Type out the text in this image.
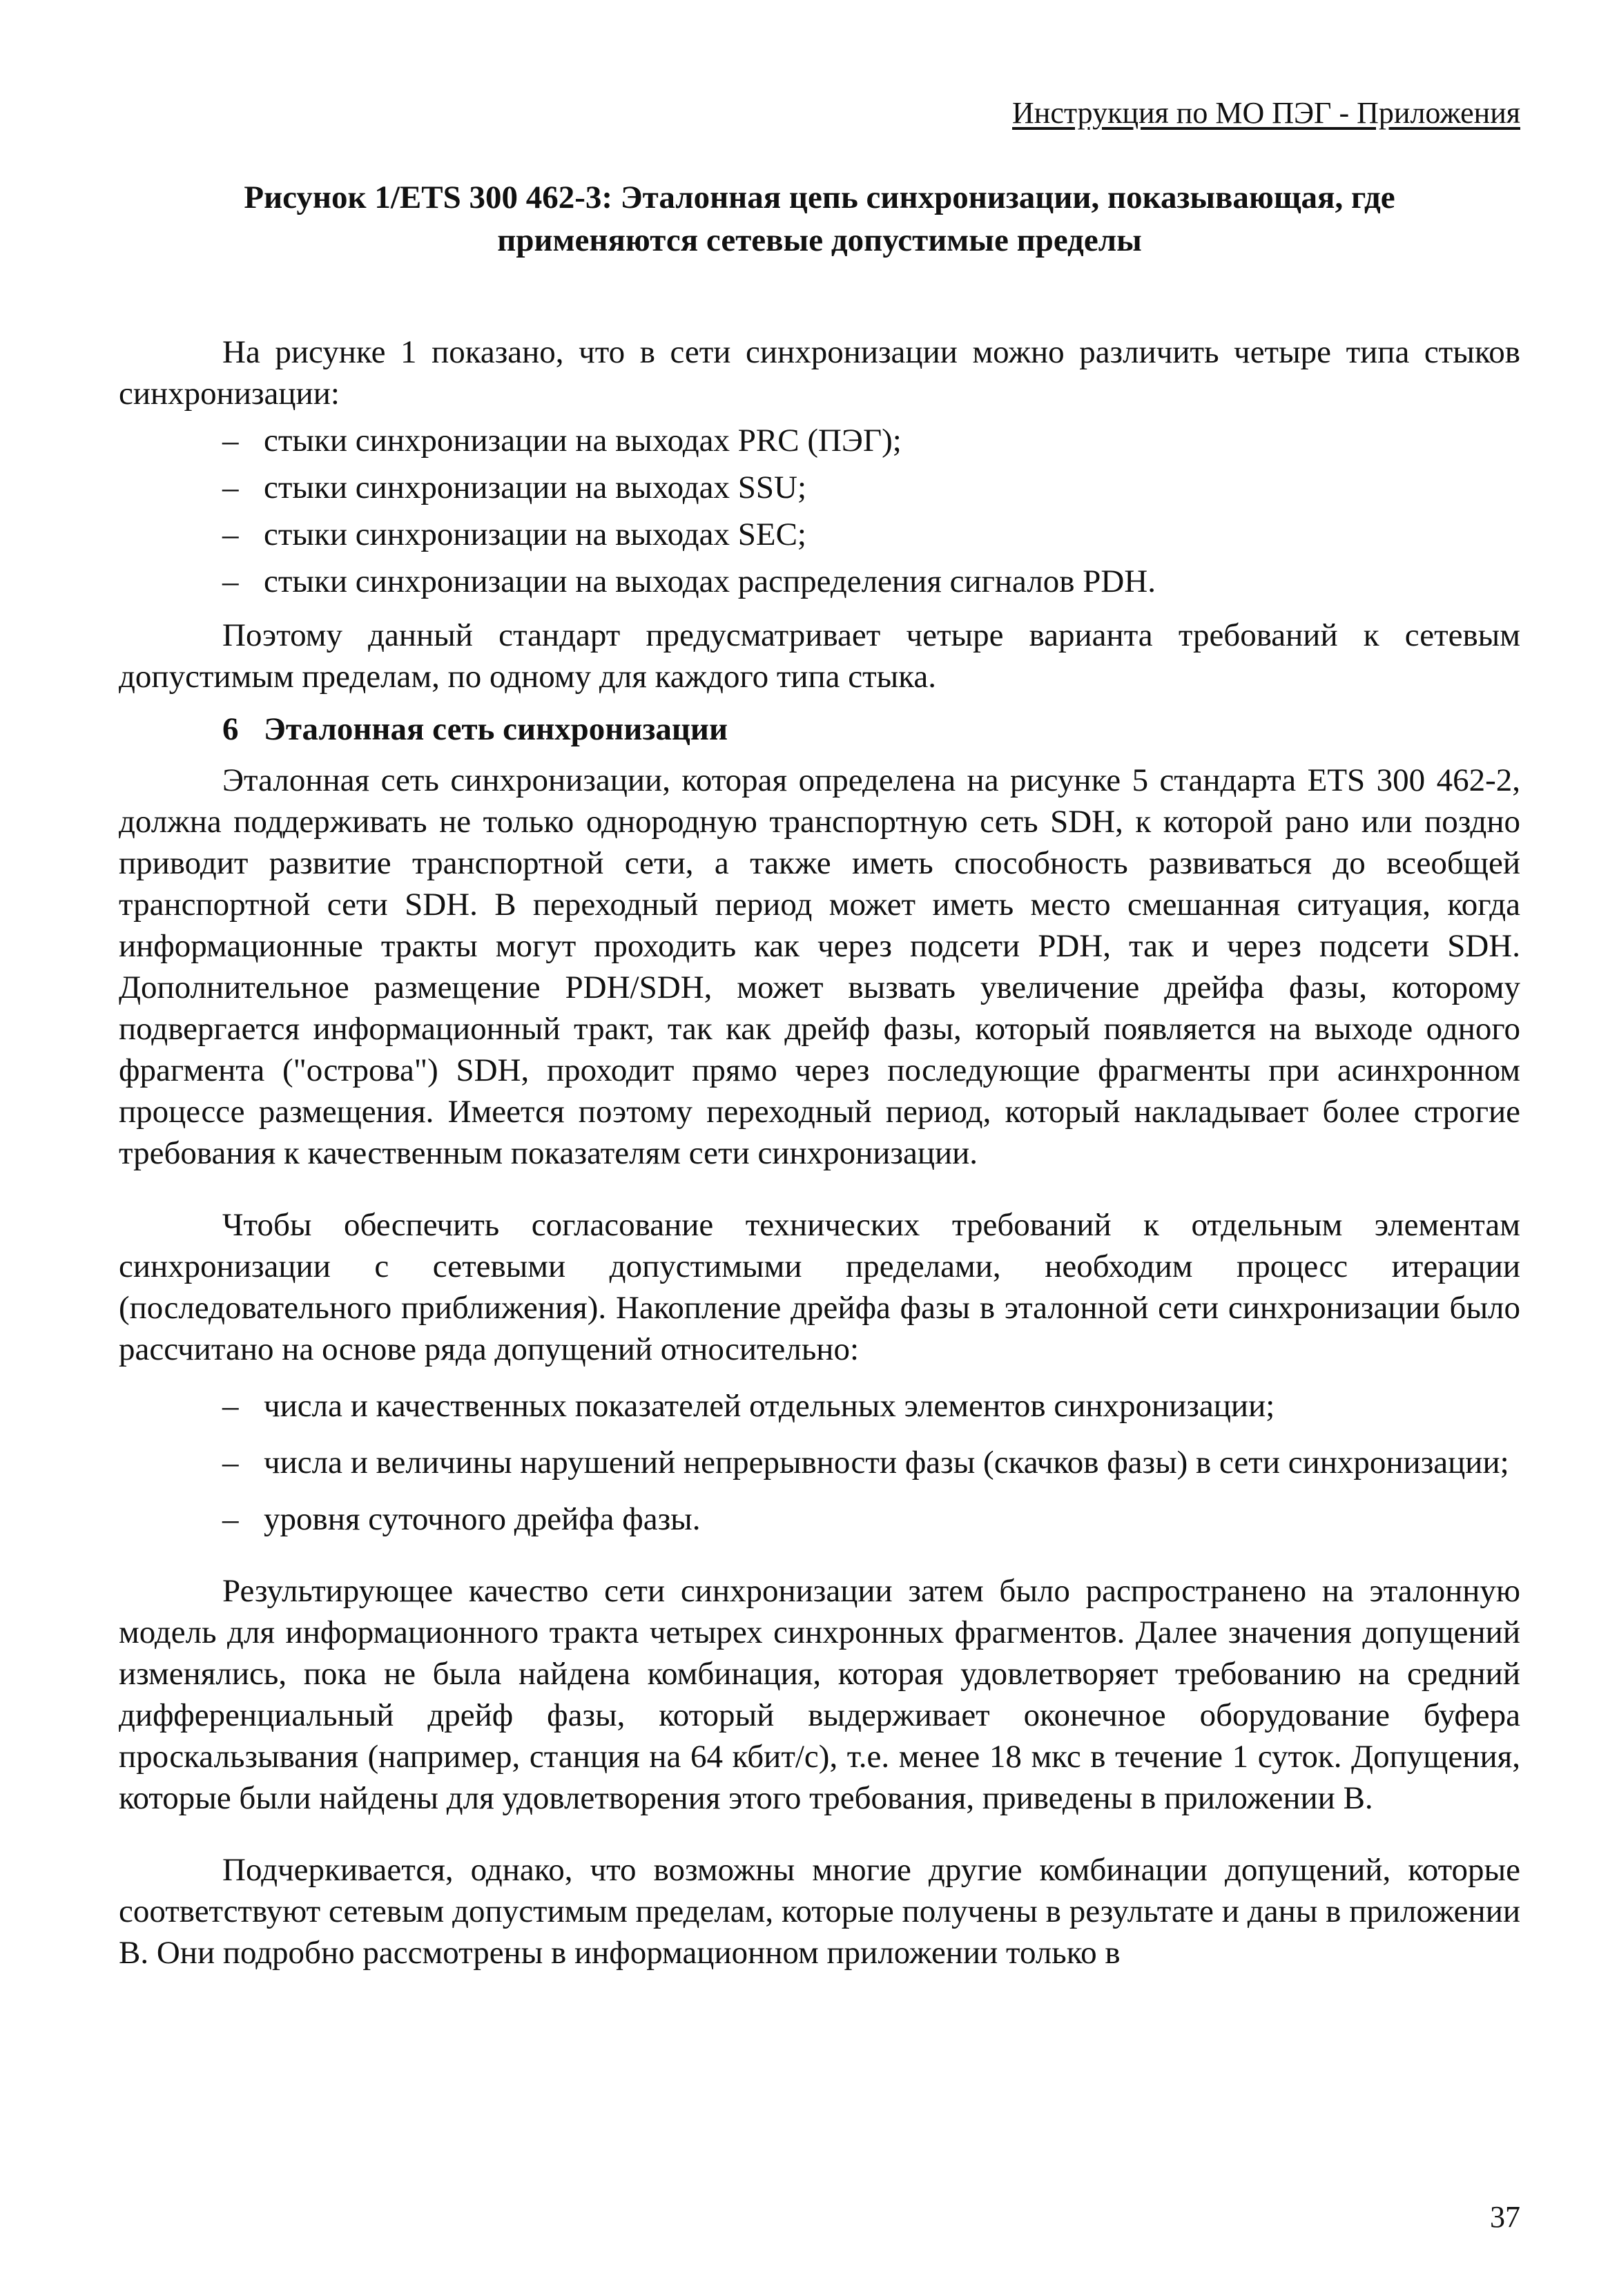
Инструкция по МО ПЭГ - Приложения
Рисунок 1/ETS 300 462-3: Эталонная цепь синхронизации, показывающая, где
применяются сетевые допустимые пределы

На рисунке 1 показано, что в сети синхронизации можно различить четыре типа стыков синхронизации:

– стыки синхронизации на выходах PRC (ПЭГ);
– стыки синхронизации на выходах SSU;
– стыки синхронизации на выходах SEC;
– стыки синхронизации на выходах распределения сигналов PDH.

Поэтому данный стандарт предусматривает четыре варианта требований к сетевым допустимым пределам, по одному для каждого типа стыка.

6 Эталонная сеть синхронизации

Эталонная сеть синхронизации, которая определена на рисунке 5 стандарта ETS 300 462-2, должна поддерживать не только однородную транспортную сеть SDH, к которой рано или поздно приводит развитие транспортной сети, а также иметь способность развиваться до всеобщей транспортной сети SDH. В переходный период может иметь место смешанная ситуация, когда информационные тракты могут проходить как через подсети PDH, так и через подсети SDH. Дополнительное размещение PDH/SDH, может вызвать увеличение дрейфа фазы, которому подвергается информационный тракт, так как дрейф фазы, который появляется на выходе одного фрагмента ("острова") SDH, проходит прямо через последующие фрагменты при асинхронном процессе размещения. Имеется поэтому переходный период, который накладывает более строгие требования к качественным показателям сети синхронизации.

Чтобы обеспечить согласование технических требований к отдельным элементам синхронизации с сетевыми допустимыми пределами, необходим процесс итерации (последовательного приближения). Накопление дрейфа фазы в эталонной сети синхронизации было рассчитано на основе ряда допущений относительно:

– числа и качественных показателей отдельных элементов синхронизации;
– числа и величины нарушений непрерывности фазы (скачков фазы) в сети синхронизации;
– уровня суточного дрейфа фазы.

Результирующее качество сети синхронизации затем было распространено на эталонную модель для информационного тракта четырех синхронных фрагментов. Далее значения допущений изменялись, пока не была найдена комбинация, которая удовлетворяет требованию на средний дифференциальный дрейф фазы, который выдерживает оконечное оборудование буфера проскальзывания (например, станция на 64 кбит/с), т.е. менее 18 мкс в течение 1 суток. Допущения, которые были найдены для удовлетворения этого требования, приведены в приложении В.

Подчеркивается, однако, что возможны многие другие комбинации допущений, которые соответствуют сетевым допустимым пределам, которые получены в результате и даны в приложении В. Они подробно рассмотрены в информационном приложении только в

37
